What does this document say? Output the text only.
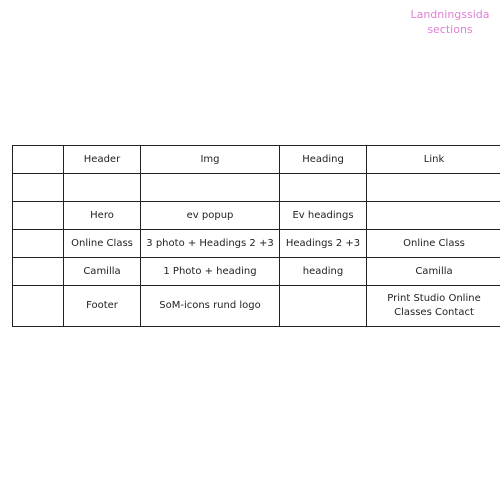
Landningssida
sections
	Header	Img	Heading	Link

	Hero	ev popup	Ev headings	
	Online Class	3 photo + Headings 2 +3	Headings 2 +3	Online Class
	Camilla	1 Photo + heading	heading	Camilla
	Footer	SoM-icons rund logo		Print Studio Online Classes Contact
